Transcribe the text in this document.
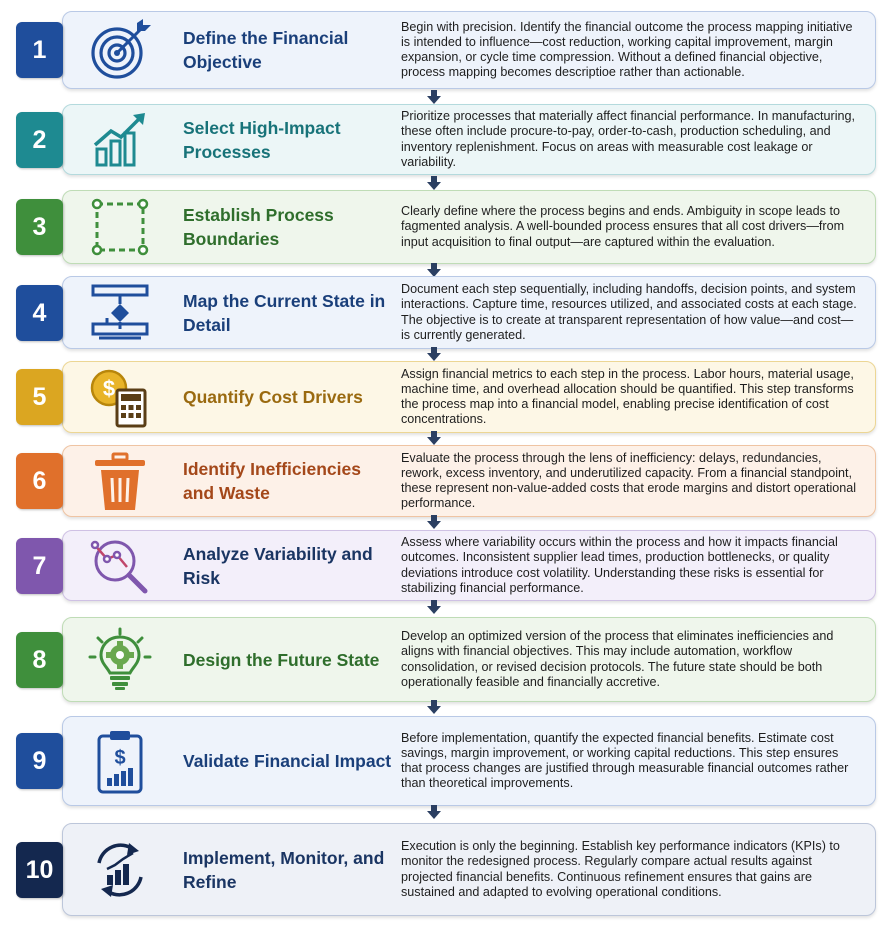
1	Define the Financial Objective
Begin with precision. Identify the financial outcome the process mapping initiative is intended to influence—cost reduction, working capital improvement, margin expansion, or cycle time compression. Without a defined financial objective, process mapping becomes descriptioe rather than actionable.
2	Select High-Impact Processes
Prioritize processes that materially affect financial performance. In manufacturing, these often include procure-to-pay, order-to-cash, production scheduling, and inventory replenishment. Focus on areas with measurable cost leakage or variability.
3	Establish Process Boundaries
Clearly define where the process begins and ends. Ambiguity in scope leads to fagmented analysis. A well-bounded process ensures that all cost drivers—from input acquisition to final output—are captured within the evaluation.
4	Map the Current State in Detail
Document each step sequentially, including handoffs, decision points, and system interactions. Capture time, resources utilized, and associated costs at each stage. The objective is to create at transparent representation of how value—and cost—is currently generated.
5	$	Quantify Cost Drivers
Assign financial metrics to each step in the process. Labor hours, material usage, machine time, and overhead allocation should be quantified. This step transforms the process map into a financial model, enabling precise identification of cost concentrations.
6	Identify Inefficiencies and Waste
Evaluate the process through the lens of inefficiency: delays, redundancies, rework, excess inventory, and underutilized capacity. From a financial standpoint, these represent non-value-added costs that erode margins and distort operational performance.
7	Analyze Variability and Risk
Assess where variability occurs within the process and how it impacts financial outcomes. Inconsistent supplier lead times, production bottlenecks, or quality deviations introduce cost volatility. Understanding these risks is essential for stabilizing financial performance.
8	Design the Future State
Develop an optimized version of the process that eliminates inefficiencies and aligns with financial objectives. This may include automation, workflow consolidation, or revised decision protocols. The future state should be both operationally feasible and financially accretive.
9	$	Validate Financial Impact
Before implementation, quantify the expected financial benefits. Estimate cost savings, margin improvement, or working capital reductions. This step ensures that process changes are justified through measurable financial outcomes rather than theoretical improvements.
10	Implement, Monitor, and Refine
Execution is only the beginning. Establish key performance indicators (KPIs) to monitor the redesigned process. Regularly compare actual results against projected financial benefits. Continuous refinement ensures that gains are sustained and adapted to evolving operational conditions.
